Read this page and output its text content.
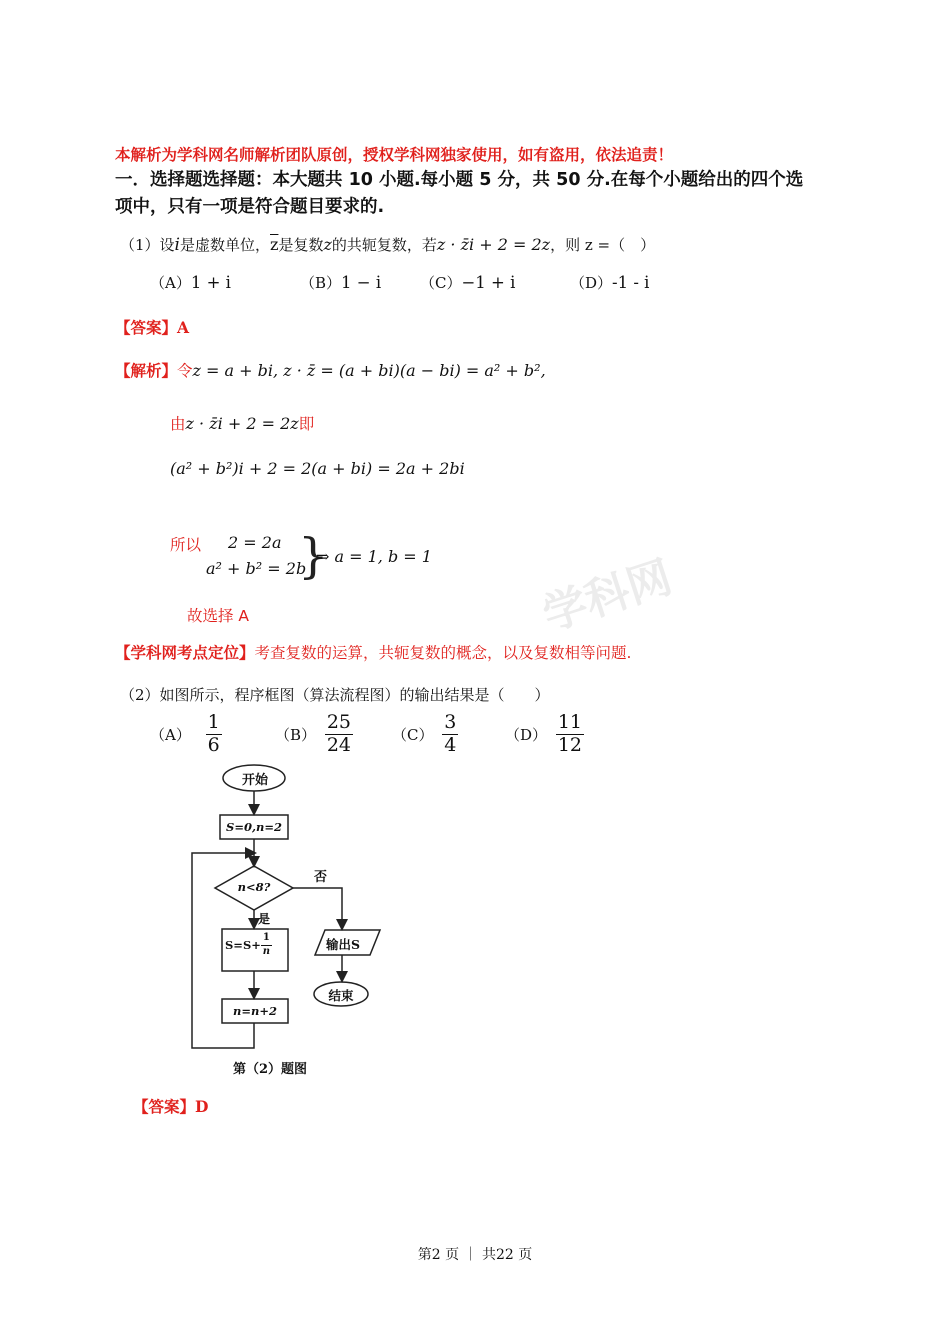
学科网
本解析为学科网名师解析团队原创，授权学科网独家使用，如有盗用，依法追责！
一．选择题选择题：本大题共 10 小题.每小题 5 分，共 50 分.在每个小题给出的四个选
项中，只有一项是符合题目要求的.
（1）设i是虚数单位，$\overline{z}$是复数z的共轭复数，若z · z̄i + 2 = 2z，则 z =（　）
（A）1 + i	（B）1 − i	（C）−1 + i	（D）-1 - i
【答案】A
【解析】令z = a + bi, z · z̄ = (a + bi)(a − bi) = a² + b²,
由z · z̄i + 2 = 2z即
(a² + b²)i + 2 = 2(a + bi) = 2a + 2bi
所以 2 = 2a
a² + b² = 2b
}
⇒ a = 1, b = 1
故选择 A
【学科网考点定位】考查复数的运算，共轭复数的概念，以及复数相等问题.
（2）如图所示，程序框图（算法流程图）的输出结果是（　　）
$(A) \frac{1}{6}$	$(B) \frac{25}{24}$	$(C) \frac{3}{4}$	$(D) \frac{11}{12}$
开始
S=0,n=2
n<8?
否
是
$S=S+ \frac{1}{n}$
n=n+2
输出S
结束
第（2）题图
【答案】D
第2 页 ｜ 共22 页
